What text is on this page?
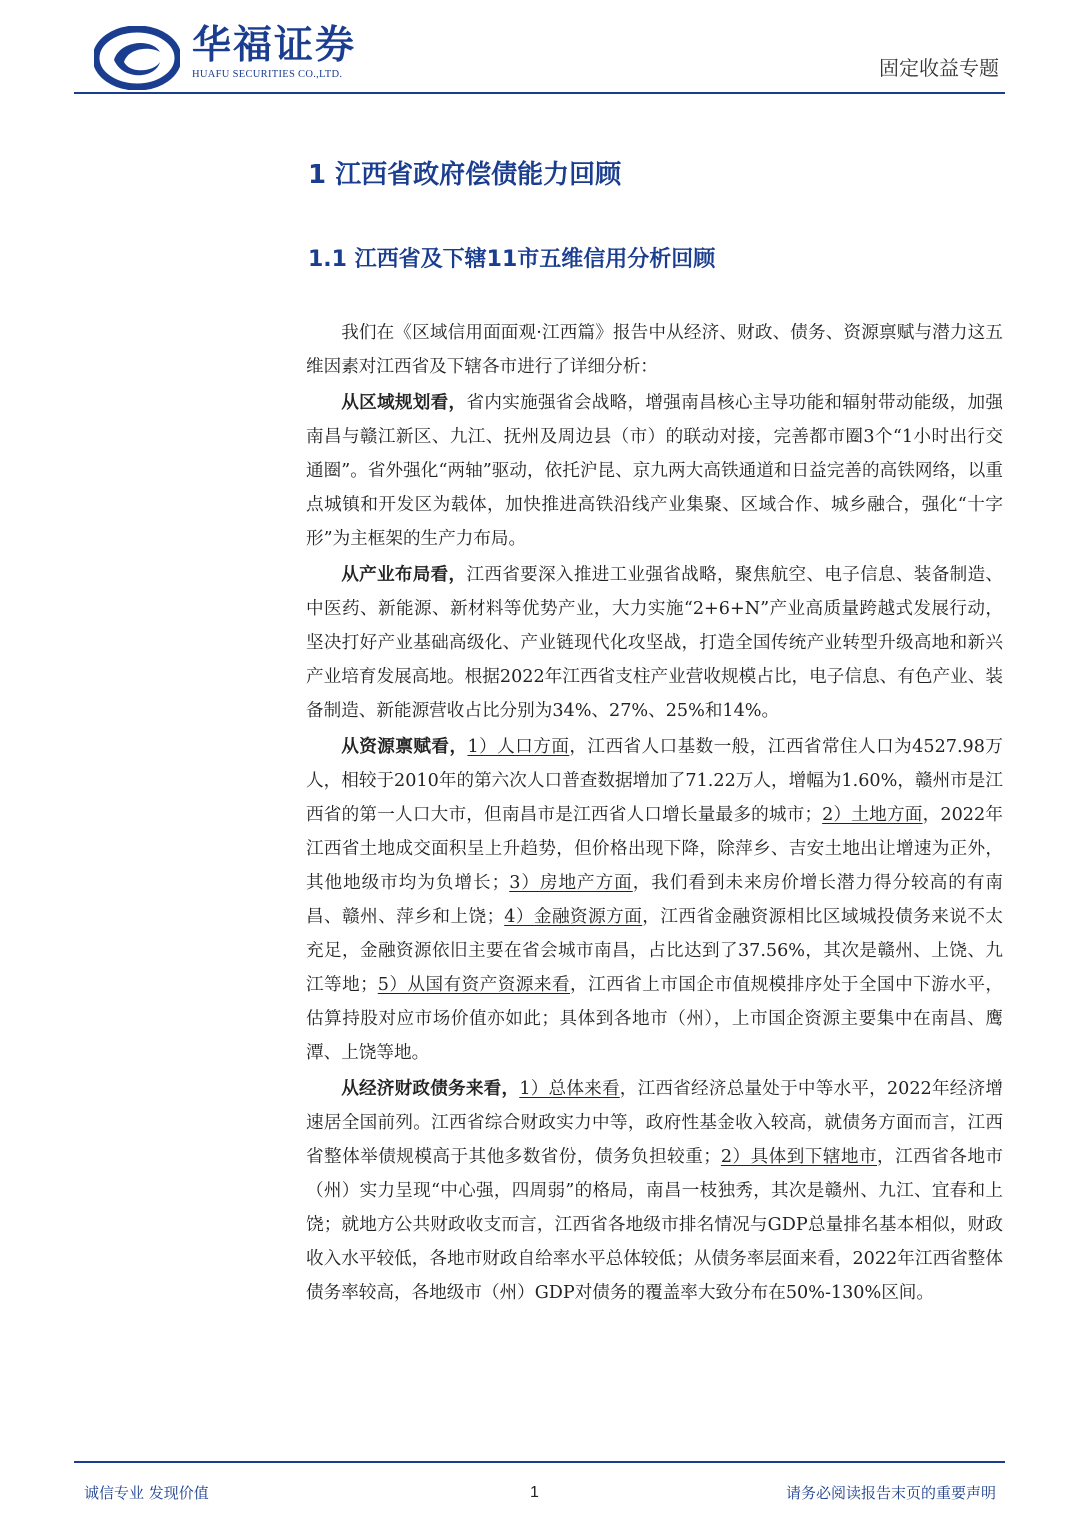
华福证券
HUAFU SECURITIES CO.,LTD.	固定收益专题
1 江西省政府偿债能力回顾
1.1 江西省及下辖11市五维信用分析回顾

我们在《区域信用面面观·江西篇》报告中从经济、财政、债务、资源禀赋与潜力这五维因素对江西省及下辖各市进行了详细分析：

从区域规划看，省内实施强省会战略，增强南昌核心主导功能和辐射带动能级，加强南昌与赣江新区、九江、抚州及周边县（市）的联动对接，完善都市圈3个“1小时出行交通圈”。省外强化“两轴”驱动，依托沪昆、京九两大高铁通道和日益完善的高铁网络，以重点城镇和开发区为载体，加快推进高铁沿线产业集聚、区域合作、城乡融合，强化“十字形”为主框架的生产力布局。

从产业布局看，江西省要深入推进工业强省战略，聚焦航空、电子信息、装备制造、中医药、新能源、新材料等优势产业，大力实施“2+6+N”产业高质量跨越式发展行动，坚决打好产业基础高级化、产业链现代化攻坚战，打造全国传统产业转型升级高地和新兴产业培育发展高地。根据2022年江西省支柱产业营收规模占比，电子信息、有色产业、装备制造、新能源营收占比分别为34%、27%、25%和14%。

从资源禀赋看，1）人口方面，江西省人口基数一般，江西省常住人口为4527.98万人，相较于2010年的第六次人口普查数据增加了71.22万人，增幅为1.60%，赣州市是江西省的第一人口大市，但南昌市是江西省人口增长量最多的城市；2）土地方面，2022年江西省土地成交面积呈上升趋势，但价格出现下降，除萍乡、吉安土地出让增速为正外，其他地级市均为负增长；3）房地产方面，我们看到未来房价增长潜力得分较高的有南昌、赣州、萍乡和上饶；4）金融资源方面，江西省金融资源相比区域城投债务来说不太充足，金融资源依旧主要在省会城市南昌，占比达到了37.56%，其次是赣州、上饶、九江等地；5）从国有资产资源来看，江西省上市国企市值规模排序处于全国中下游水平，估算持股对应市场价值亦如此；具体到各地市（州），上市国企资源主要集中在南昌、鹰潭、上饶等地。

从经济财政债务来看，1）总体来看，江西省经济总量处于中等水平，2022年经济增速居全国前列。江西省综合财政实力中等，政府性基金收入较高，就债务方面而言，江西省整体举债规模高于其他多数省份，债务负担较重；2）具体到下辖地市，江西省各地市（州）实力呈现“中心强，四周弱”的格局，南昌一枝独秀，其次是赣州、九江、宜春和上饶；就地方公共财政收支而言，江西省各地级市排名情况与GDP总量排名基本相似，财政收入水平较低，各地市财政自给率水平总体较低；从债务率层面来看，2022年江西省整体债务率较高，各地级市（州）GDP对债务的覆盖率大致分布在50%-130%区间。

诚信专业 发现价值	1	请务必阅读报告末页的重要声明
